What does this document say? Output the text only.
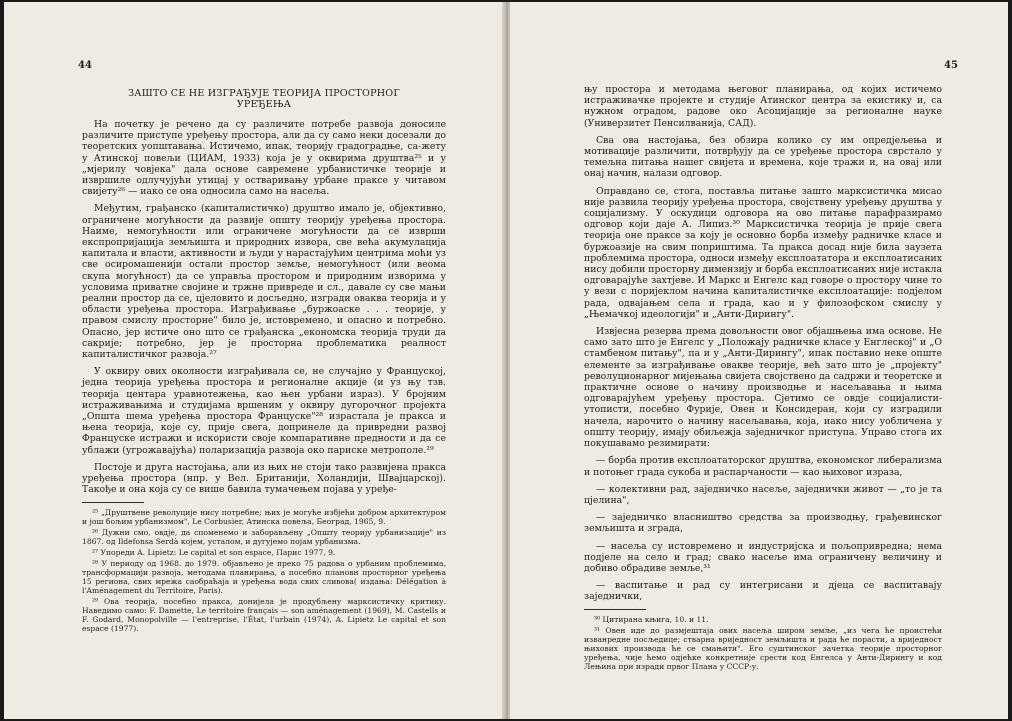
44
ЗАШТО СЕ НЕ ИЗГРАЂУЈЕ ТЕОРИЈА ПРОСТОРНОГ УРЕЂЕЊА

На почетку је речено да су различите потребе развоја доносиле различите приступе уређењу простора, али да су само неки досезали до теоретских уопштавања. Истичемо, ипак, теорију градоградње, са-жету у Атинској повељи (ЦИАМ, 1933) која је у оквирима друштва²⁵ и у „мјерилу човјека" дала основе савремене урбанистичке теорије и извршиле одлучујући утицај у остваривању урбане праксе у читавом свијету²⁶ — иако се она односила само на насеља.

Међутим, грађанско (капиталистичко) друштво имало је, објективно, ограничене могућности да развије општу теорију уређења простора. Наиме, немогућности или ограничене могућности да се изврши експропријација земљишта и природних извора, све већа акумулација капитала и власти, активности и људи у нарастајућим центрима моћи уз све осиромашенији остали простор земље, немогућност (или веома скупа могућност) да се управља простором и природним изворима у условима приватне својине и тржне привреде и сл., давале су све мањи реални простор да се, цјеловито и досљедно, изгради оваква теорија и у области уређења простора. Изграђивање „буржоаске . . . теорије, у правом смислу просторне" било је, истовремено, и опасно и потребно. Опасно, јер истиче оно што се грађанска „економска теорија труди да сакрије; потребно, јер је просторна проблематика реалност капиталистичког развоја.²⁷

У оквиру ових околности изграђивала се, не случајно у Француској, једна теорија уређења простора и регионалне акције (и уз њу тзв. теорија центара уравнотежења, као њен урбани израз). У бројним истраживањима и студијама вршеним у оквиру дугорочног пројекта „Општа шема уређења простора Француске"²⁸ израстала је пракса и њена теорија, које су, прије свега, допринеле да привредни развој Француске истражи и искористи своје компаративне предности и да се ублажи (угрожавајућа) поларизација развоја око париске метрополе.²⁹

Постоје и друга настојања, али из њих не стоји тако развијена пракса уређења простора (нпр. у Вел. Британији, Холандији, Швајцарској). Такође и она која су се више бавила тумачењем појава у уређе-

²⁵ „Друштвене револуције нису потребне; њих је могуће избјећи добром архитектуром и још бољим урбанизмом", Le Corbusier, Атинска повеља, Београд, 1965, 9.

²⁶ Дужни смо, овдје, да споменемо и заборављену „Општу теорију урбанизације" из 1867. од Ildefonsa Serdà којем, усталом, и дугујемо појам урбанизма.

²⁷ Упореди A. Lipietz: Le capital et son espace, Парис 1977, 9.

²⁸ У периоду од 1968. до 1979. објављено је преко 75 радова о урбаним проблемима, трансформацији развоја, методама планирања, а посебно плановн просторног уређења 15 региона, свих мрежа саобраћаја и уређења вода свих сливова( издања: Délégation à l'Aménagement du Territoire, Paris).

²⁹ Ова теорија, посебно пракса, донијела је продубљену марксистичку критику. Наведимо само: F. Damette, Le territoire français — son aménagement (1969), M. Castells и F. Godard, Monopolville — l'entreprise, l'État, l'urbain (1974), A. Lipietz Le capital et son espace (1977).

45

њу простора и методама његовог планирања, од којих истичемо истраживачке пројекте и студије Атинског центра за екистику и, са нужном оградом, радове око Асоцијације за регионалне науке (Универзитет Пенсилванија, САД).

Сва ова настојања, без обзира колико су им опредјељења и мотивације различити, потврђују да се уређење простора сврстало у темељна питања нашег свијета и времена, које тражи и, на овај или онај начин, налази одговор.

Оправдано се, стога, поставља питање зашто марксистичка мисао није развила теорију уређења простора, својствену уређењу друштва у социјализму. У оскудици одговора на ово питање парафразирамо одговор који даје А. Липиз.³⁰ Марксистичка теорија је прије свега теорија оне праксе за коју је основно борба између радничке класе и буржоазије на свим поприштима. Та пракса досад није била заузета проблемима простора, односи између експлоататора и експлоатисаних нису добили просторну димензију и борба експлоатисаних није истакла одговарајуће захтјеве. И Маркс и Енгелс кад говоре о простору чине то у вези с поријеклом начина капиталистичке експлоатације: подјелом рада, одвајањем села и града, као и у филозофском смислу у „Њемачкој идеологији" и „Анти-Дирингу".

Извјесна резерва према довољности овог објашњења има основе. Не само зато што је Енгелс у „Положају радничке класе у Енглеској" и „О стамбеном питању", па и у „Анти-Дирингу", ипак поставио неке опште елементе за изграђивање овакве теорије, већ зато што је „пројекту" револуционарног мијењања свијета својствено да садржи и теоретске и практичне основе о начину производње и насељавања и њима одговарајућем уређењу простора. Сјетимо се овдје социјалисти-утописти, посебно Фурије, Овен и Консидеран, који су изградили начела, нарочито о начину насељавања, која, иако нису уобличена у општу теорију, имају обиљежја заједничког приступа. Управо стога их покушавамо резимирати:

— борба против експлоататорског друштва, економског либерализма и потоњег града сукоба и распарчаности — као њиховог израза,

— колективни рад, заједничко насеље, заједнички живот — „то је та цјелина",

— заједничко власништво средства за производњу, грађевинског земљишта и зграда,

— насеља су истовремено и индустријска и пољопривредна; нема подјеле на село и град; свако насеље има ограничену величину и добиво обрадиве земље,³¹

— васпитање и рад су интегрисани и дјеца се васпитавају заједнички,

³⁰ Цитирана књига, 10. и 11.

³¹ Овен иде до размјештаја ових насеља широм земље, „из чега ће проистећи изванредне посљедице; стварна вриједност земљишта и рада ће порасти, а вриједност њихових производа ће се смањити". Его суштинског зачетка теорије просторног уређења, чије ћемо одјећке конкретније срести код Енгелса у Анти-Дирингу и код Лењина при изради првог Плана у СССР-у.
